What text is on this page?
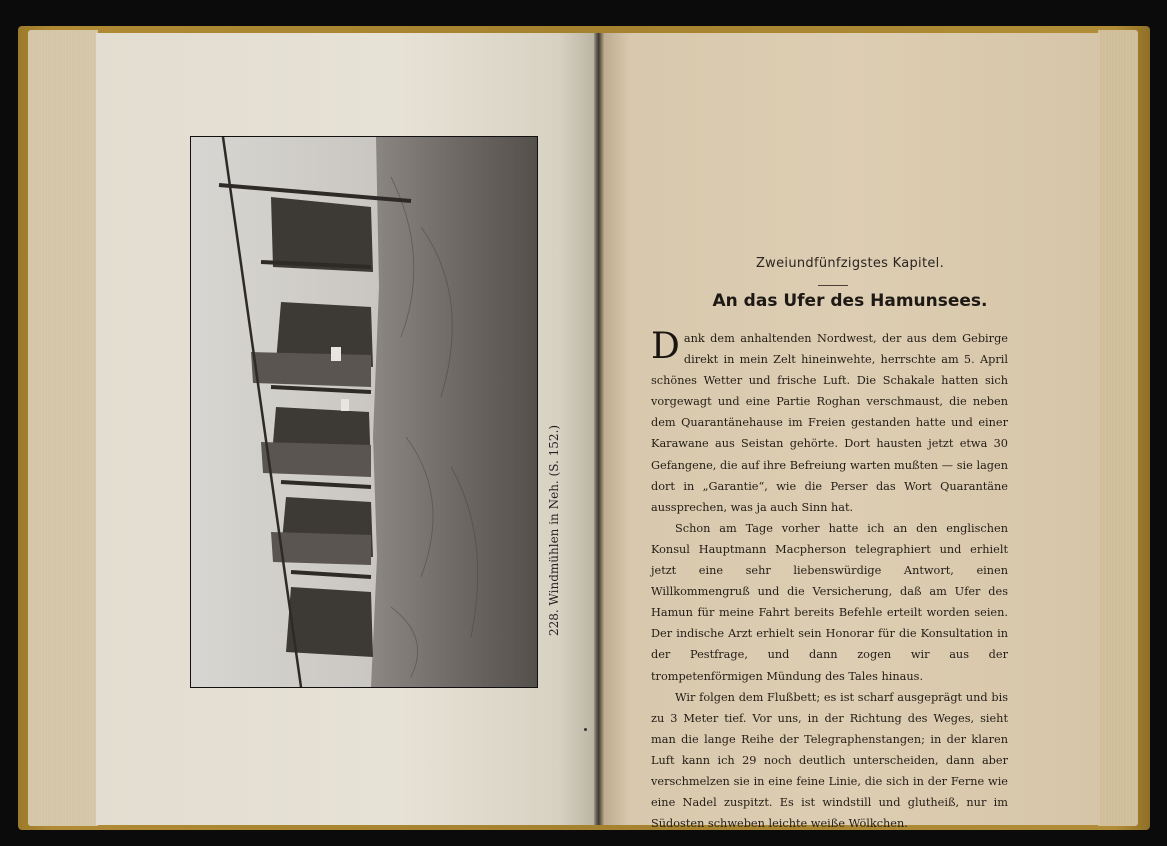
228. Windmühlen in Neh. (S. 152.)
Zweiundfünfzigstes Kapitel.
An das Ufer des Hamunsees.

Dank dem anhaltenden Nordwest, der aus dem Gebirge direkt in mein Zelt hineinwehte, herrschte am 5. April schönes Wetter und frische Luft. Die Schakale hatten sich vorgewagt und eine Partie Roghan verschmaust, die neben dem Quarantänehause im Freien gestanden hatte und einer Karawane aus Seistan gehörte. Dort hausten jetzt etwa 30 Gefangene, die auf ihre Befreiung warten mußten — sie lagen dort in „Garantie“, wie die Perser das Wort Quarantäne aussprechen, was ja auch Sinn hat.

Schon am Tage vorher hatte ich an den englischen Konsul Hauptmann Macpherson telegraphiert und erhielt jetzt eine sehr liebenswürdige Antwort, einen Willkommengruß und die Versicherung, daß am Ufer des Hamun für meine Fahrt bereits Befehle erteilt worden seien. Der indische Arzt erhielt sein Honorar für die Konsultation in der Pestfrage, und dann zogen wir aus der trompetenförmigen Mündung des Tales hinaus.

Wir folgen dem Flußbett; es ist scharf ausgeprägt und bis zu 3 Meter tief. Vor uns, in der Richtung des Weges, sieht man die lange Reihe der Telegraphenstangen; in der klaren Luft kann ich 29 noch deutlich unterscheiden, dann aber verschmelzen sie in eine feine Linie, die sich in der Ferne wie eine Nadel zuspitzt. Es ist windstill und glutheiß, nur im Südosten schweben leichte weiße Wölkchen.
